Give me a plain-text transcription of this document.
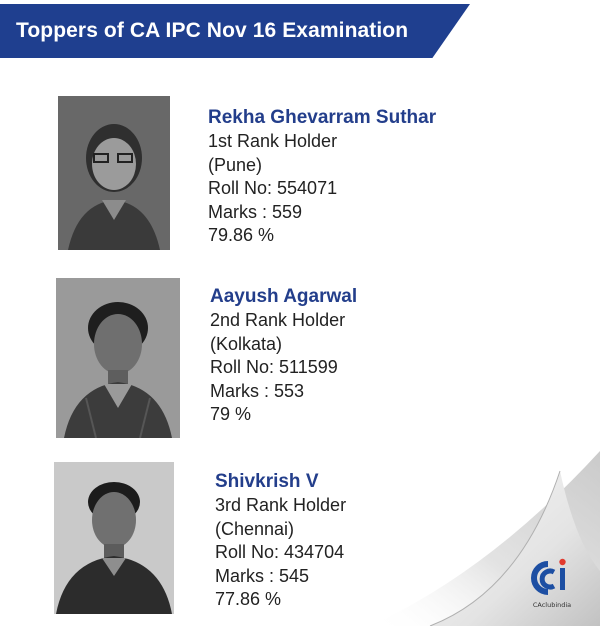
Toppers of CA IPC Nov 16 Examination
Rekha Ghevarram Suthar
1st Rank Holder
(Pune)
Roll No: 554071
Marks : 559
79.86 %
Aayush Agarwal
2nd Rank Holder
(Kolkata)
Roll No: 511599
Marks : 553
79 %
Shivkrish V
3rd Rank Holder
(Chennai)
Roll No: 434704
Marks : 545
77.86 %	CAclubindia
